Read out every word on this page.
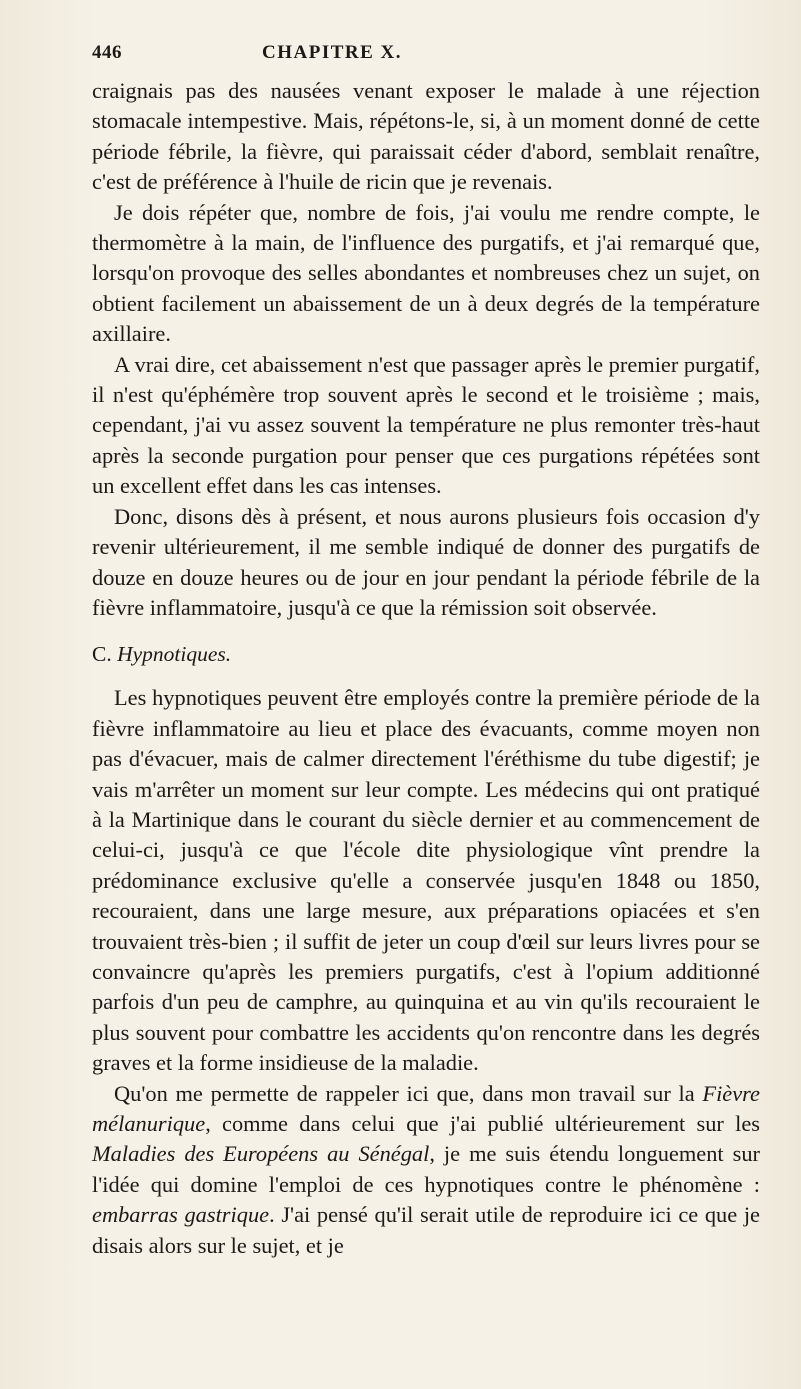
446	CHAPITRE X.

craignais pas des nausées venant exposer le malade à une réjection stomacale intempestive. Mais, répétons-le, si, à un moment donné de cette période fébrile, la fièvre, qui paraissait céder d'abord, semblait renaître, c'est de préférence à l'huile de ricin que je revenais.

Je dois répéter que, nombre de fois, j'ai voulu me rendre compte, le thermomètre à la main, de l'influence des purgatifs, et j'ai remarqué que, lorsqu'on provoque des selles abondantes et nombreuses chez un sujet, on obtient facilement un abaissement de un à deux degrés de la température axillaire.

A vrai dire, cet abaissement n'est que passager après le premier purgatif, il n'est qu'éphémère trop souvent après le second et le troisième ; mais, cependant, j'ai vu assez souvent la température ne plus remonter très-haut après la seconde purgation pour penser que ces purgations répétées sont un excellent effet dans les cas intenses.

Donc, disons dès à présent, et nous aurons plusieurs fois occasion d'y revenir ultérieurement, il me semble indiqué de donner des purgatifs de douze en douze heures ou de jour en jour pendant la période fébrile de la fièvre inflammatoire, jusqu'à ce que la rémission soit observée.

C. Hypnotiques.

Les hypnotiques peuvent être employés contre la première période de la fièvre inflammatoire au lieu et place des évacuants, comme moyen non pas d'évacuer, mais de calmer directement l'éréthisme du tube digestif; je vais m'arrêter un moment sur leur compte. Les médecins qui ont pratiqué à la Martinique dans le courant du siècle dernier et au commencement de celui-ci, jusqu'à ce que l'école dite physiologique vînt prendre la prédominance exclusive qu'elle a conservée jusqu'en 1848 ou 1850, recouraient, dans une large mesure, aux préparations opiacées et s'en trouvaient très-bien ; il suffit de jeter un coup d'œil sur leurs livres pour se convaincre qu'après les premiers purgatifs, c'est à l'opium additionné parfois d'un peu de camphre, au quinquina et au vin qu'ils recouraient le plus souvent pour combattre les accidents qu'on rencontre dans les degrés graves et la forme insidieuse de la maladie.

Qu'on me permette de rappeler ici que, dans mon travail sur la Fièvre mélanurique, comme dans celui que j'ai publié ultérieurement sur les Maladies des Européens au Sénégal, je me suis étendu longuement sur l'idée qui domine l'emploi de ces hypnotiques contre le phénomène : embarras gastrique. J'ai pensé qu'il serait utile de reproduire ici ce que je disais alors sur le sujet, et je
